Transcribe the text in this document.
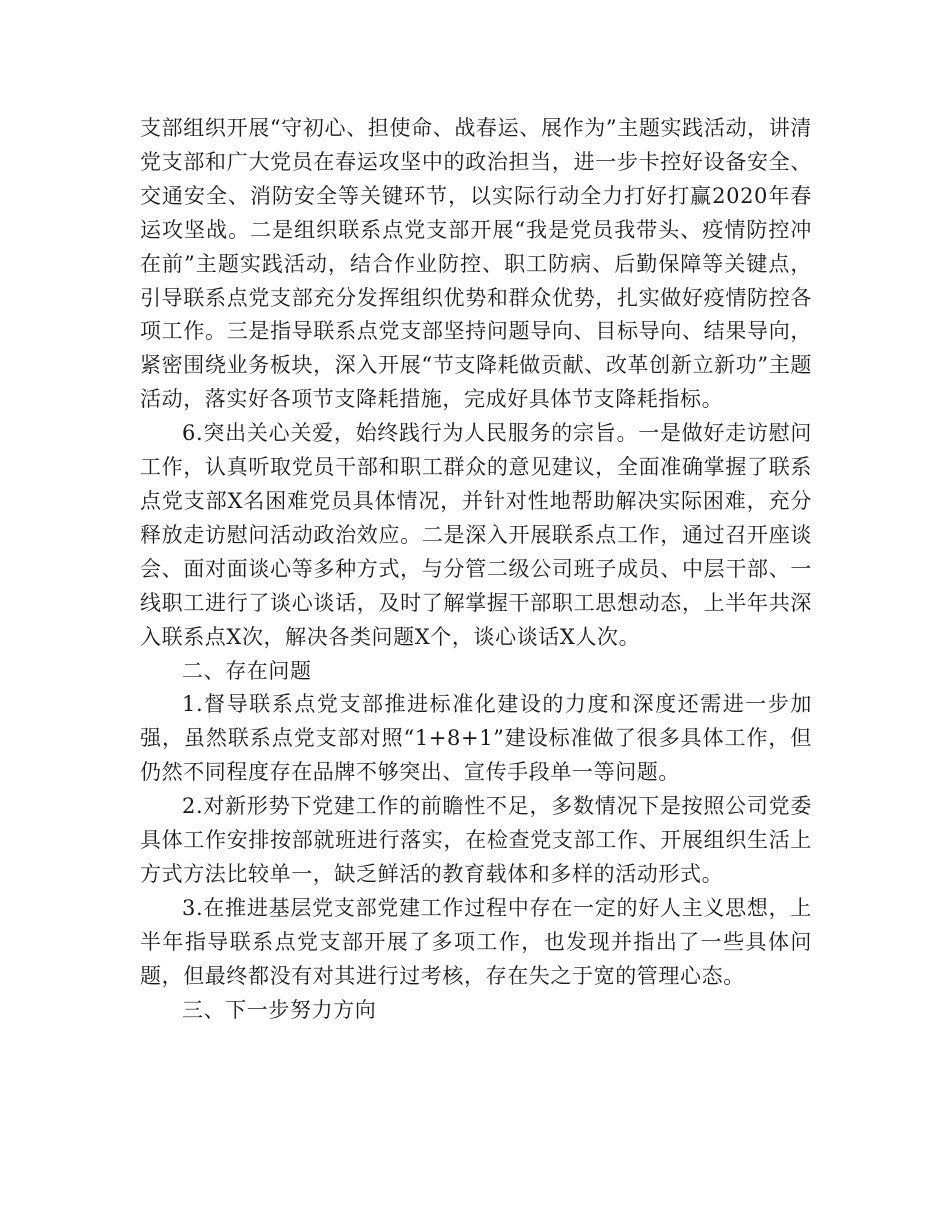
支部组织开展“守初心、担使命、战春运、展作为”主题实践活动，讲清党支部和广大党员在春运攻坚中的政治担当，进一步卡控好设备安全、交通安全、消防安全等关键环节，以实际行动全力打好打赢2020年春运攻坚战。二是组织联系点党支部开展“我是党员我带头、疫情防控冲在前”主题实践活动，结合作业防控、职工防病、后勤保障等关键点，引导联系点党支部充分发挥组织优势和群众优势，扎实做好疫情防控各项工作。三是指导联系点党支部坚持问题导向、目标导向、结果导向，紧密围绕业务板块，深入开展“节支降耗做贡献、改革创新立新功”主题活动，落实好各项节支降耗措施，完成好具体节支降耗指标。

6.突出关心关爱，始终践行为人民服务的宗旨。一是做好走访慰问工作，认真听取党员干部和职工群众的意见建议，全面准确掌握了联系点党支部X名困难党员具体情况，并针对性地帮助解决实际困难，充分释放走访慰问活动政治效应。二是深入开展联系点工作，通过召开座谈会、面对面谈心等多种方式，与分管二级公司班子成员、中层干部、一线职工进行了谈心谈话，及时了解掌握干部职工思想动态，上半年共深入联系点X次，解决各类问题X个，谈心谈话X人次。

二、存在问题

1.督导联系点党支部推进标准化建设的力度和深度还需进一步加强，虽然联系点党支部对照“1+8+1”建设标准做了很多具体工作，但仍然不同程度存在品牌不够突出、宣传手段单一等问题。

2.对新形势下党建工作的前瞻性不足，多数情况下是按照公司党委具体工作安排按部就班进行落实，在检查党支部工作、开展组织生活上方式方法比较单一，缺乏鲜活的教育载体和多样的活动形式。

3.在推进基层党支部党建工作过程中存在一定的好人主义思想，上半年指导联系点党支部开展了多项工作，也发现并指出了一些具体问题，但最终都没有对其进行过考核，存在失之于宽的管理心态。

三、下一步努力方向
